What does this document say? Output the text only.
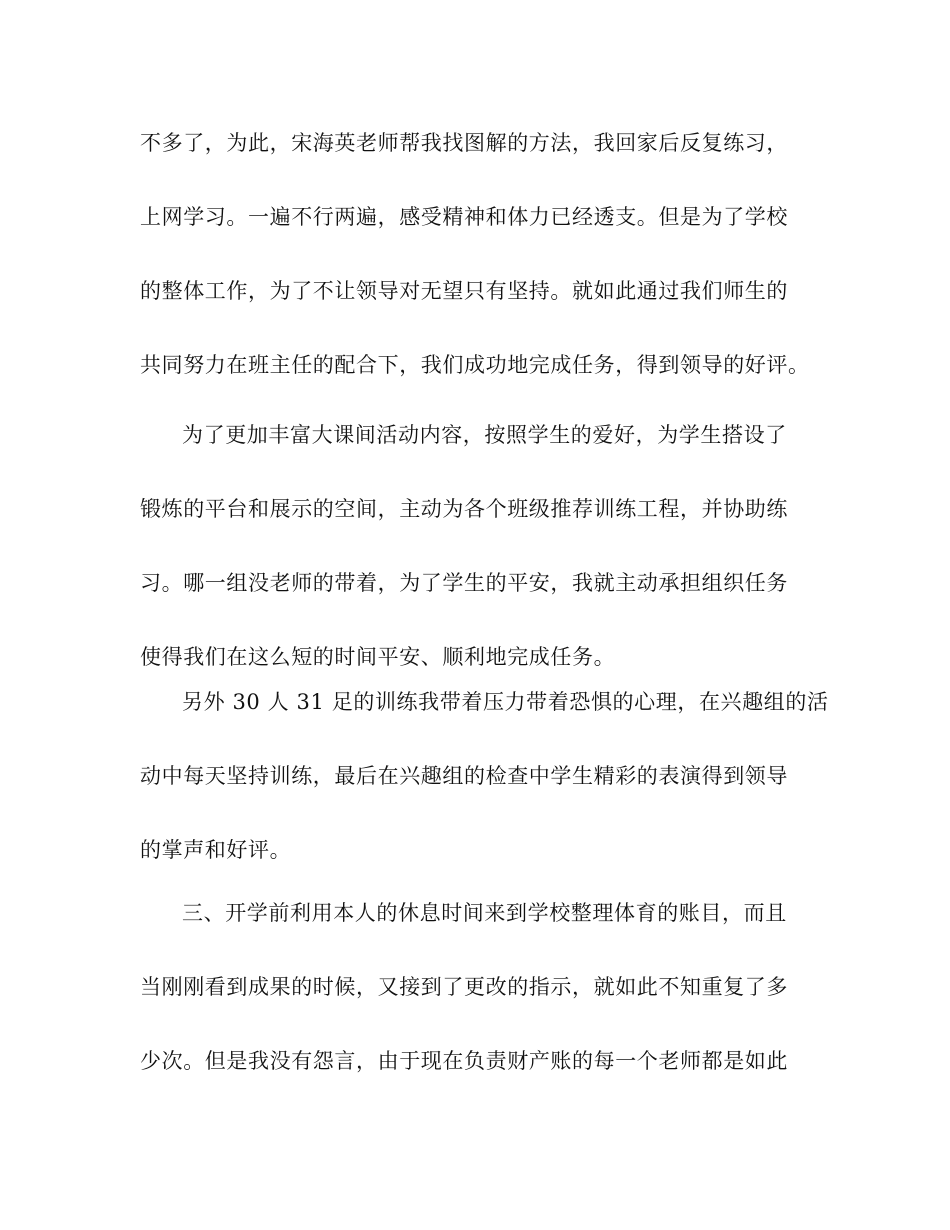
不多了，为此，宋海英老师帮我找图解的方法，我回家后反复练习，
上网学习。一遍不行两遍，感受精神和体力已经透支。但是为了学校
的整体工作，为了不让领导对无望只有坚持。就如此通过我们师生的
共同努力在班主任的配合下，我们成功地完成任务，得到领导的好评。
为了更加丰富大课间活动内容，按照学生的爱好，为学生搭设了
锻炼的平台和展示的空间，主动为各个班级推荐训练工程，并协助练
习。哪一组没老师的带着，为了学生的平安，我就主动承担组织任务
使得我们在这么短的时间平安、顺利地完成任务。
另外 30 人 31 足的训练我带着压力带着恐惧的心理，在兴趣组的活
动中每天坚持训练，最后在兴趣组的检查中学生精彩的表演得到领导
的掌声和好评。
三、开学前利用本人的休息时间来到学校整理体育的账目，而且
当刚刚看到成果的时候，又接到了更改的指示，就如此不知重复了多
少次。但是我没有怨言，由于现在负责财产账的每一个老师都是如此
